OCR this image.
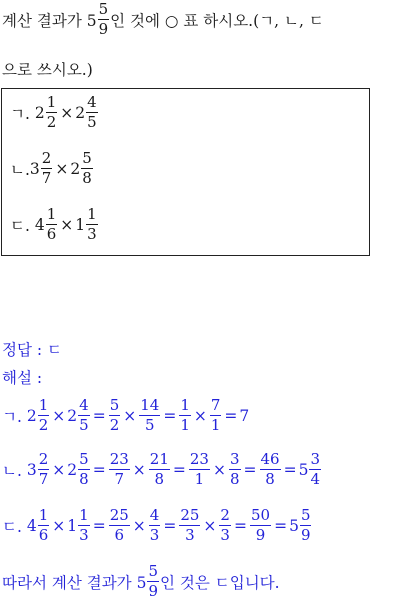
계산 결과가 $5 \frac{5}{9}$ 인 것에 ○ 표 하시오.(ㄱ, ㄴ, ㄷ
으로 쓰시오.)
ㄱ.
$2 \frac{1}{2} \times 2 \frac{4}{5}$
ㄴ. $3 \frac{2}{7} \times 2 \frac{5}{8}$
ㄷ.
$4 \frac{1}{6} \times 1 \frac{1}{3}$
정답 : ㄷ
해설 :
ㄱ.
$2 \frac{1}{2} \times 2 \frac{4}{5} = \frac{5}{2} \times \frac{14}{5} = \frac{1}{1} \times \frac{7}{1} = 7$
ㄴ.
$3 \frac{2}{7} \times 2 \frac{5}{8} = \frac{23}{7} \times \frac{21}{8} = \frac{23}{1} \times \frac{3}{8} = \frac{46}{8} = 5 \frac{3}{4}$
ㄷ.
$4 \frac{1}{6} \times 1 \frac{1}{3} = \frac{25}{6} \times \frac{4}{3} = \frac{25}{3} \times \frac{2}{3} = \frac{50}{9} = 5 \frac{5}{9}$
따라서 계산 결과가 $5 \frac{5}{9}$ 인 것은 ㄷ입니다.
